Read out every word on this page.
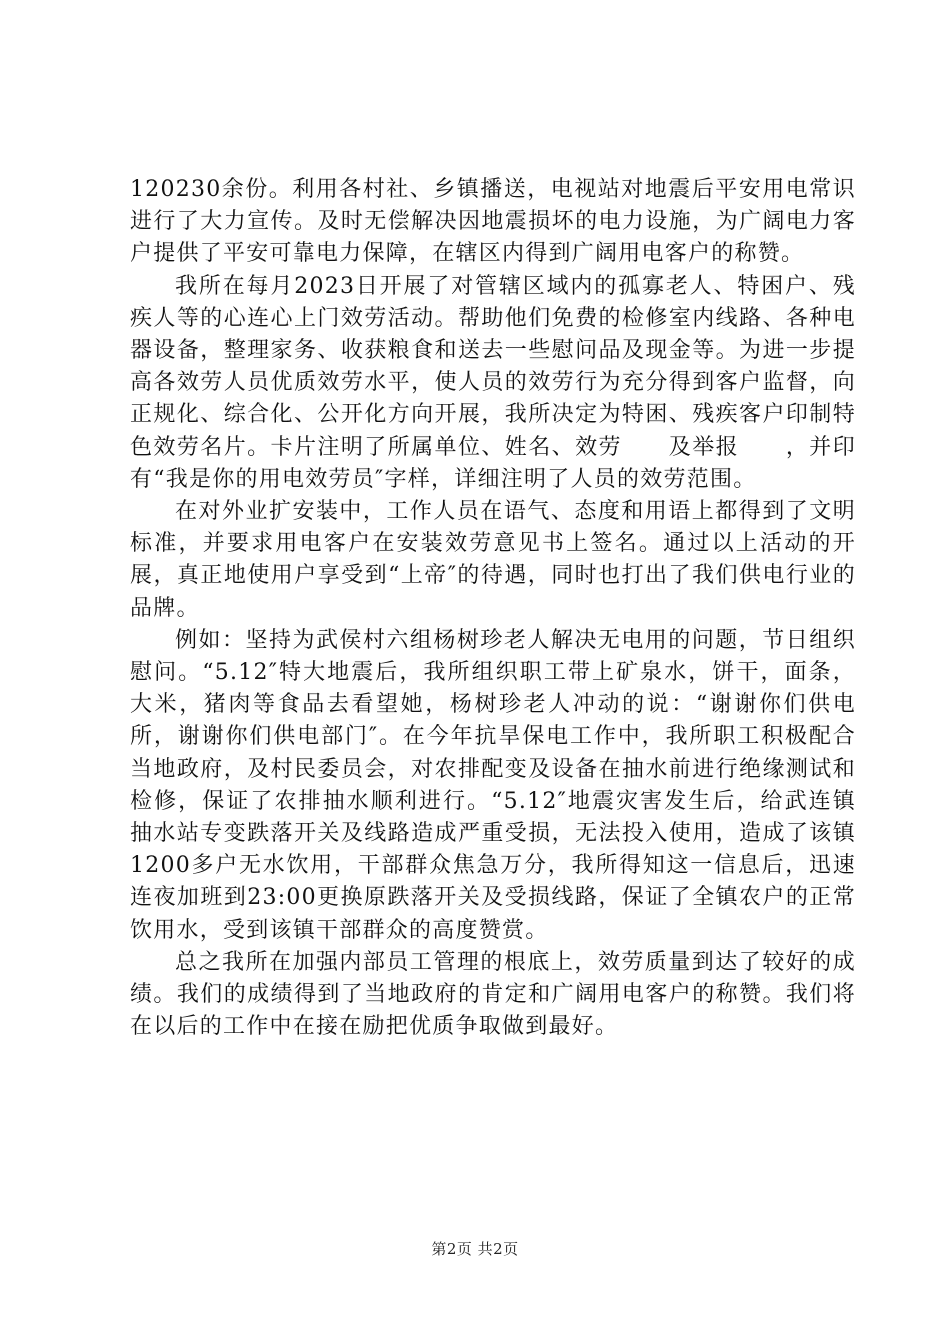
120230余份。利用各村社、乡镇播送，电视站对地震后平安用电常识进行了大力宣传。及时无偿解决因地震损坏的电力设施，为广阔电力客户提供了平安可靠电力保障，在辖区内得到广阔用电客户的称赞。

我所在每月2023日开展了对管辖区域内的孤寡老人、特困户、残疾人等的心连心上门效劳活动。帮助他们免费的检修室内线路、各种电器设备，整理家务、收获粮食和送去一些慰问品及现金等。为进一步提高各效劳人员优质效劳水平，使人员的效劳行为充分得到客户监督，向正规化、综合化、公开化方向开展，我所决定为特困、残疾客户印制特色效劳名片。卡片注明了所属单位、姓名、效劳　　及举报　　，并印有“我是你的用电效劳员″字样，详细注明了人员的效劳范围。

在对外业扩安装中，工作人员在语气、态度和用语上都得到了文明标准，并要求用电客户在安装效劳意见书上签名。通过以上活动的开展，真正地使用户享受到“上帝″的待遇，同时也打出了我们供电行业的品牌。

例如：坚持为武侯村六组杨树珍老人解决无电用的问题，节日组织慰问。“5.12″特大地震后，我所组织职工带上矿泉水，饼干，面条，大米，猪肉等食品去看望她，杨树珍老人冲动的说：“谢谢你们供电所，谢谢你们供电部门″。在今年抗旱保电工作中，我所职工积极配合当地政府，及村民委员会，对农排配变及设备在抽水前进行绝缘测试和检修，保证了农排抽水顺利进行。“5.12″地震灾害发生后，给武连镇抽水站专变跌落开关及线路造成严重受损，无法投入使用，造成了该镇1200多户无水饮用，干部群众焦急万分，我所得知这一信息后，迅速连夜加班到23:00更换原跌落开关及受损线路，保证了全镇农户的正常饮用水，受到该镇干部群众的高度赞赏。

总之我所在加强内部员工管理的根底上，效劳质量到达了较好的成绩。我们的成绩得到了当地政府的肯定和广阔用电客户的称赞。我们将在以后的工作中在接在励把优质争取做到最好。

第2页 共2页
